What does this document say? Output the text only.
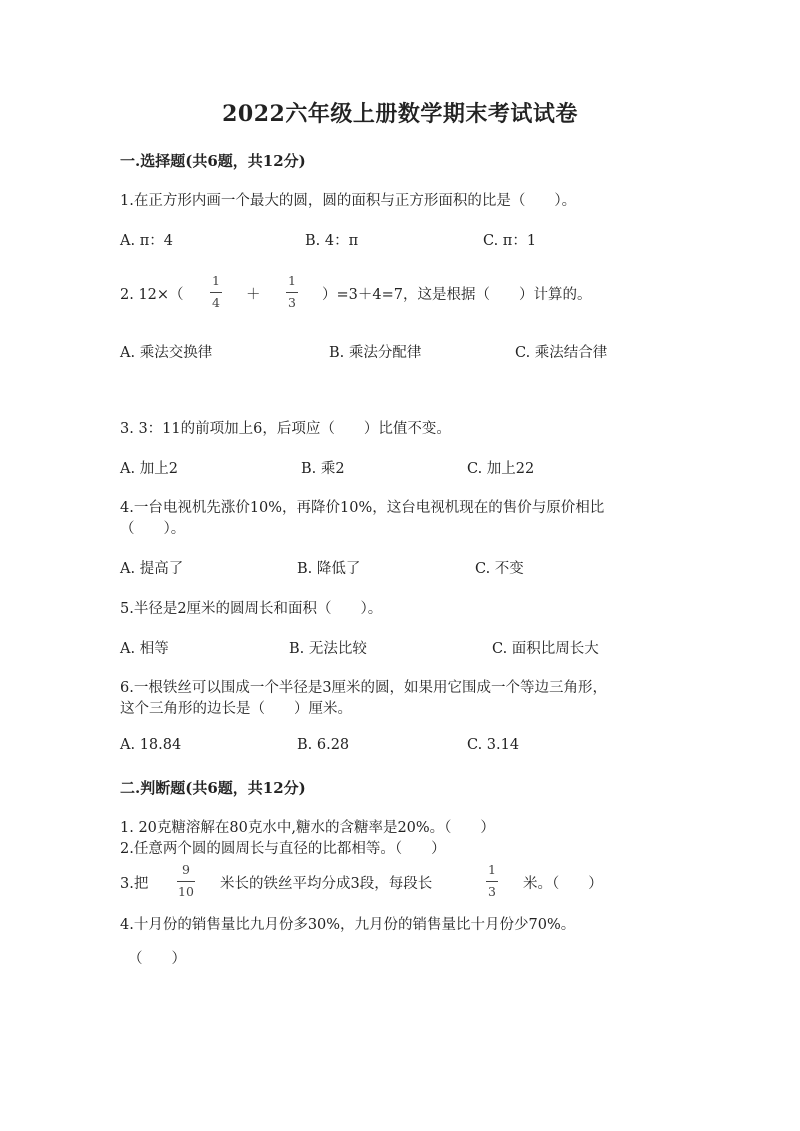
2022六年级上册数学期末考试试卷
一.选择题(共6题，共12分)
1.在正方形内画一个最大的圆，圆的面积与正方形面积的比是（　　）。
A. π：4	B. 4：π	C. π：1
2. 12×（
1
4 ＋
1
3 ）=3＋4=7，这是根据（　　）计算的。
A. 乘法交换律	B. 乘法分配律	C. 乘法结合律
3. 3：11的前项加上6，后项应（　　）比值不变。
A. 加上2	B. 乘2	C. 加上22
4.一台电视机先涨价10%，再降价10%，这台电视机现在的售价与原价相比
（　　）。
A. 提高了	B. 降低了	C. 不变
5.半径是2厘米的圆周长和面积（　　）。
A. 相等	B. 无法比较	C. 面积比周长大
6.一根铁丝可以围成一个半径是3厘米的圆，如果用它围成一个等边三角形，
这个三角形的边长是（　　）厘米。
A. 18.84	B. 6.28	C. 3.14
二.判断题(共6题，共12分)
1. 20克糖溶解在80克水中,糖水的含糖率是20%。（　　）
2.任意两个圆的圆周长与直径的比都相等。（　　）
3.把
9
10 米长的铁丝平均分成3段，每段长
1
3 米。（　　）
4.十月份的销售量比九月份多30%，九月份的销售量比十月份少70%。
（　　）
